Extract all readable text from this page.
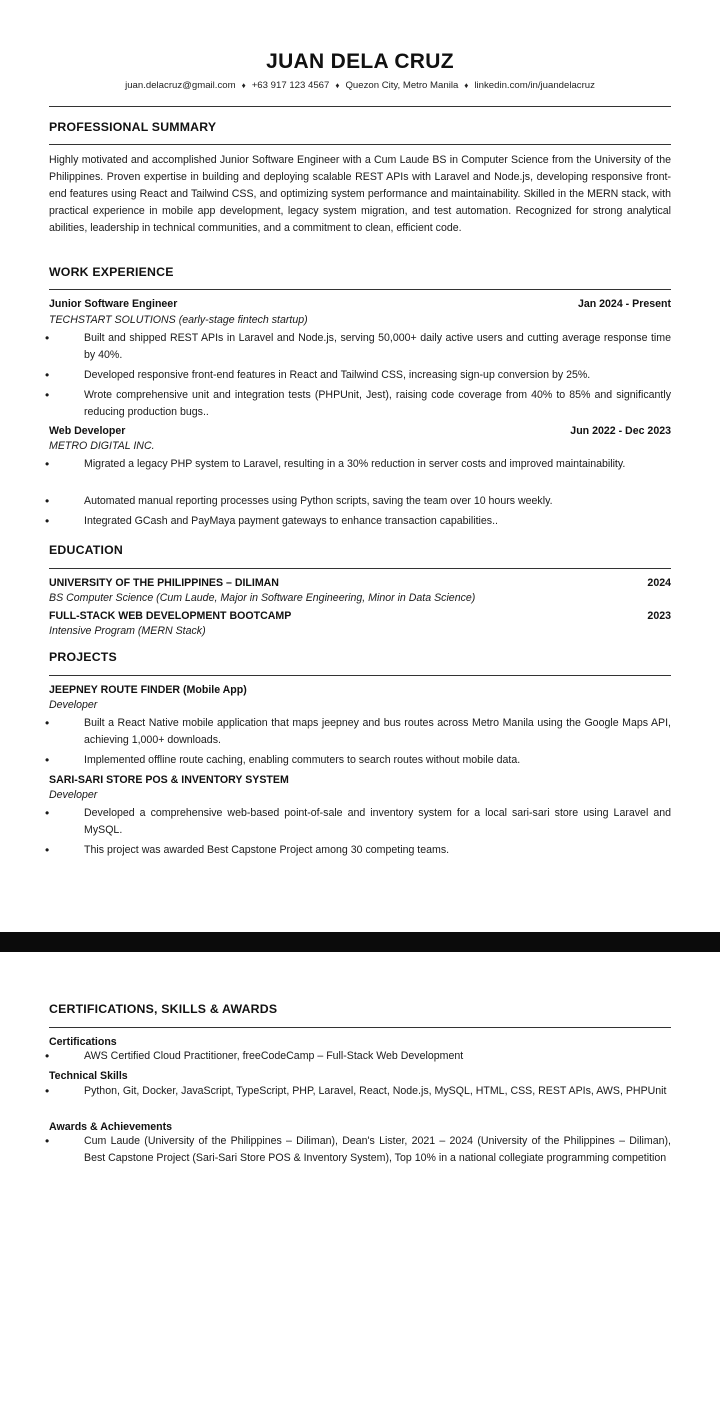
JUAN DELA CRUZ
juan.delacruz@gmail.com ♦ +63 917 123 4567 ♦ Quezon City, Metro Manila ♦ linkedin.com/in/juandelacruz
PROFESSIONAL SUMMARY
Highly motivated and accomplished Junior Software Engineer with a Cum Laude BS in Computer Science from the University of the Philippines. Proven expertise in building and deploying scalable REST APIs with Laravel and Node.js, developing responsive front-end features using React and Tailwind CSS, and optimizing system performance and maintainability. Skilled in the MERN stack, with practical experience in mobile app development, legacy system migration, and test automation. Recognized for strong analytical abilities, leadership in technical communities, and a commitment to clean, efficient code.
WORK EXPERIENCE
Junior Software Engineer	Jan 2024 - Present
TECHSTART SOLUTIONS (early-stage fintech startup)
•	Built and shipped REST APIs in Laravel and Node.js, serving 50,000+ daily active users and cutting average response time by 40%.
•	Developed responsive front-end features in React and Tailwind CSS, increasing sign-up conversion by 25%.
•	Wrote comprehensive unit and integration tests (PHPUnit, Jest), raising code coverage from 40% to 85% and significantly reducing production bugs..
Web Developer	Jun 2022 - Dec 2023
METRO DIGITAL INC.
•	Migrated a legacy PHP system to Laravel, resulting in a 30% reduction in server costs and improved maintainability.
•	Automated manual reporting processes using Python scripts, saving the team over 10 hours weekly.
•	Integrated GCash and PayMaya payment gateways to enhance transaction capabilities..
EDUCATION
UNIVERSITY OF THE PHILIPPINES – DILIMAN	2024
BS Computer Science (Cum Laude, Major in Software Engineering, Minor in Data Science)
FULL-STACK WEB DEVELOPMENT BOOTCAMP	2023
Intensive Program (MERN Stack)
PROJECTS
JEEPNEY ROUTE FINDER (Mobile App)
Developer
•	Built a React Native mobile application that maps jeepney and bus routes across Metro Manila using the Google Maps API, achieving 1,000+ downloads.
•	Implemented offline route caching, enabling commuters to search routes without mobile data.
SARI-SARI STORE POS & INVENTORY SYSTEM
Developer
•	Developed a comprehensive web-based point-of-sale and inventory system for a local sari-sari store using Laravel and MySQL.
•	This project was awarded Best Capstone Project among 30 competing teams.
CERTIFICATIONS, SKILLS & AWARDS
Certifications
•	AWS Certified Cloud Practitioner, freeCodeCamp – Full-Stack Web Development
Technical Skills
•	Python, Git, Docker, JavaScript, TypeScript, PHP, Laravel, React, Node.js, MySQL, HTML, CSS, REST APIs, AWS, PHPUnit
Awards & Achievements
•	Cum Laude (University of the Philippines – Diliman), Dean's Lister, 2021 – 2024 (University of the Philippines – Diliman), Best Capstone Project (Sari-Sari Store POS & Inventory System), Top 10% in a national collegiate programming competition
